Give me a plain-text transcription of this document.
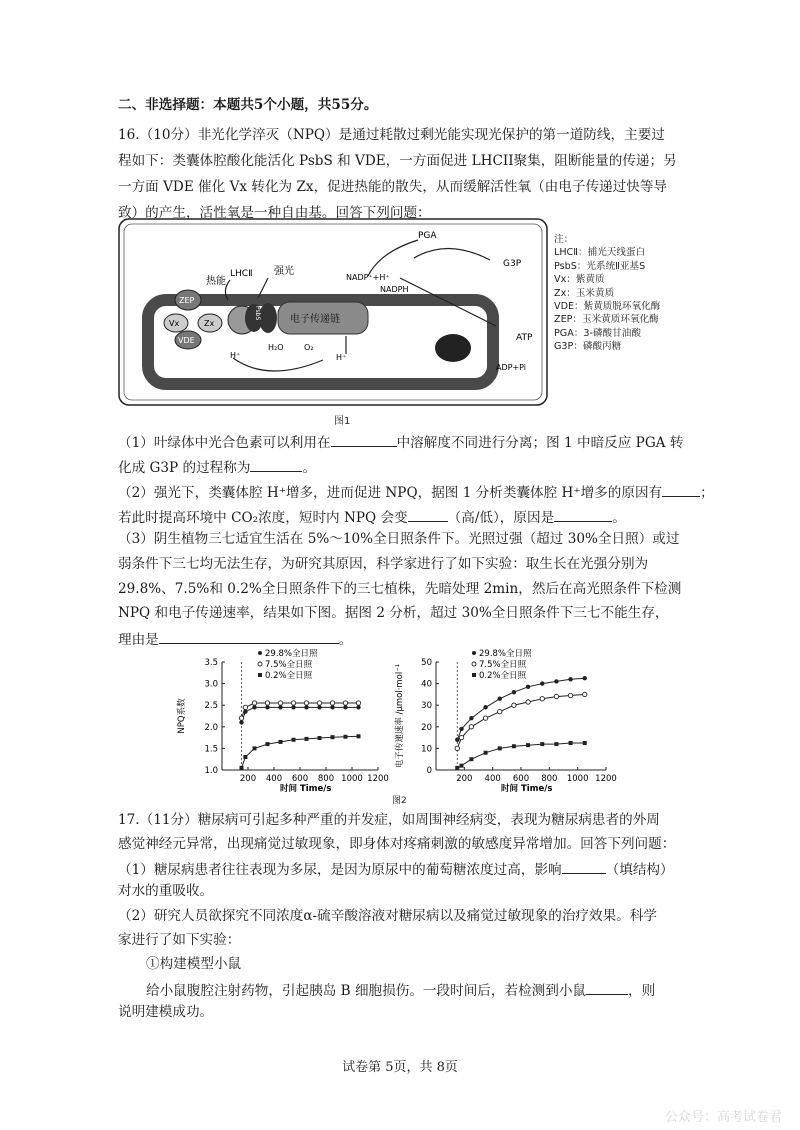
二、非选择题：本题共5个小题，共55分。
16.（10分）非光化学淬灭（NPQ）是通过耗散过剩光能实现光保护的第一道防线，主要过
程如下：类囊体腔酸化能活化 PsbS 和 VDE，一方面促进 LHCII聚集，阻断能量的传递；另
一方面 VDE 催化 Vx 转化为 Zx，促进热能的散失，从而缓解活性氧（由电子传递过快等导
致）的产生，活性氧是一种自由基。回答下列问题：
PGA
G3P
NADP⁺+H⁺
NADPH
热能
LHCⅡ 强光
ZEP
Vx	Zx
VDE
PsbS	电子传递链
H⁺
H₂O	O₂
H⁺
ATP
ADP+Pi
注：
LHCⅡ：捕光天线蛋白
PsbS：光系统Ⅱ亚基S
Vx：紫黄质
Zx：玉米黄质
VDE：紫黄质脱环氧化酶
ZEP：玉米黄质环氧化酶
PGA：3-磷酸甘油酸
G3P：磷酸丙糖
图1
（1）叶绿体中光合色素可以利用在	中溶解度不同进行分离；图 1 中暗反应 PGA 转
化成 G3P 的过程称为	。
（2）强光下，类囊体腔 H⁺增多，进而促进 NPQ，据图 1 分析类囊体腔 H⁺增多的原因有	；
若此时提高环境中 CO₂浓度，短时内 NPQ 会变	（高/低），原因是	。
（3）阴生植物三七适宜生活在 5%～10%全日照条件下。光照过强（超过 30%全日照）或过
弱条件下三七均无法生存，为研究其原因，科学家进行了如下实验：取生长在光强分别为
29.8%、7.5%和 0.2%全日照条件下的三七植株，先暗处理 2min，然后在高光照条件下检测
NPQ 和电子传递速率，结果如下图。据图 2 分析，超过 30%全日照条件下三七不能生存，
理由是	。
200 400 600 800 1000 1200
1.0
1.5
2.0
2.5
3.0
3.5
时间 Time/s
NPQ系数
29.8%全日照
7.5%全日照
0.2%全日照
200 400 600 800 1000 1200
0
10
20
30
40
50
时间 Time/s
电子传递速率 /μmol·mol⁻¹
29.8%全日照
7.5%全日照
0.2%全日照
图2
17.（11分）糖尿病可引起多种严重的并发症，如周围神经病变，表现为糖尿病患者的外周
感觉神经元异常，出现痛觉过敏现象，即身体对疼痛刺激的敏感度异常增加。回答下列问题：
（1）糖尿病患者往往表现为多尿，是因为原尿中的葡萄糖浓度过高，影响	（填结构）
对水的重吸收。
（2）研究人员欲探究不同浓度α-硫辛酸溶液对糖尿病以及痛觉过敏现象的治疗效果。科学
家进行了如下实验：
①构建模型小鼠
给小鼠腹腔注射药物，引起胰岛 B 细胞损伤。一段时间后，若检测到小鼠	，则
说明建模成功。
试卷第 5页，共 8页
公众号：高考试卷君
